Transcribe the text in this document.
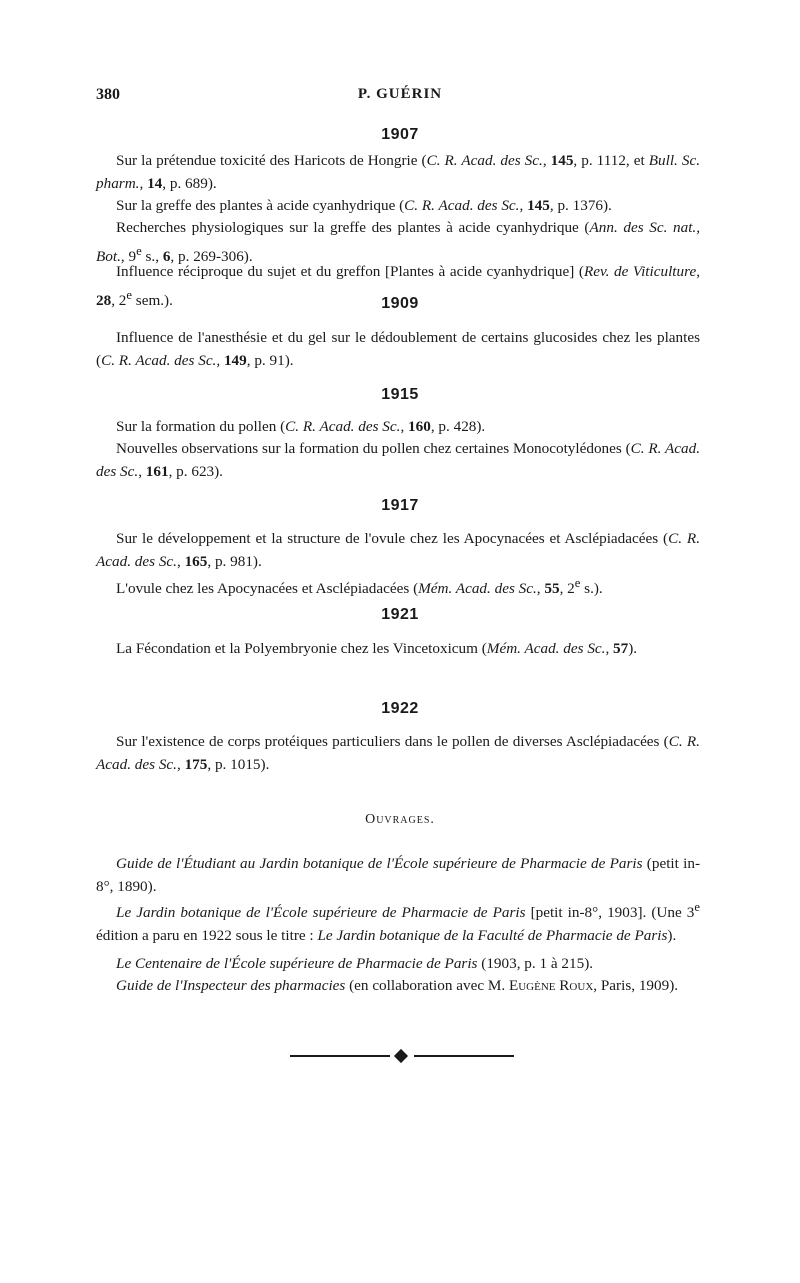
380	P. GUÉRIN
1907

Sur la prétendue toxicité des Haricots de Hongrie (C. R. Acad. des Sc., 145, p. 1112, et Bull. Sc. pharm., 14, p. 689).

Sur la greffe des plantes à acide cyanhydrique (C. R. Acad. des Sc., 145, p. 1376).

Recherches physiologiques sur la greffe des plantes à acide cyanhydrique (Ann. des Sc. nat., Bot., 9e s., 6, p. 269-306).

Influence réciproque du sujet et du greffon [Plantes à acide cyanhydrique] (Rev. de Viticulture, 28, 2e sem.).	1909

Influence de l'anesthésie et du gel sur le dédoublement de certains glucosides chez les plantes (C. R. Acad. des Sc., 149, p. 91).

1915

Sur la formation du pollen (C. R. Acad. des Sc., 160, p. 428).

Nouvelles observations sur la formation du pollen chez certaines Monocotylédones (C. R. Acad. des Sc., 161, p. 623).

1917

Sur le développement et la structure de l'ovule chez les Apocynacées et Asclépiadacées (C. R. Acad. des Sc., 165, p. 981).

L'ovule chez les Apocynacées et Asclépiadacées (Mém. Acad. des Sc., 55, 2e s.).

1921

La Fécondation et la Polyembryonie chez les Vincetoxicum (Mém. Acad. des Sc., 57).

1922

Sur l'existence de corps protéiques particuliers dans le pollen de diverses Asclépiadacées (C. R. Acad. des Sc., 175, p. 1015).

Ouvrages.

Guide de l'Étudiant au Jardin botanique de l'École supérieure de Pharmacie de Paris (petit in-8°, 1890).

Le Jardin botanique de l'École supérieure de Pharmacie de Paris [petit in-8°, 1903]. (Une 3e édition a paru en 1922 sous le titre : Le Jardin botanique de la Faculté de Pharmacie de Paris).

Le Centenaire de l'École supérieure de Pharmacie de Paris (1903, p. 1 à 215).

Guide de l'Inspecteur des pharmacies (en collaboration avec M. Eugène Roux, Paris, 1909).
